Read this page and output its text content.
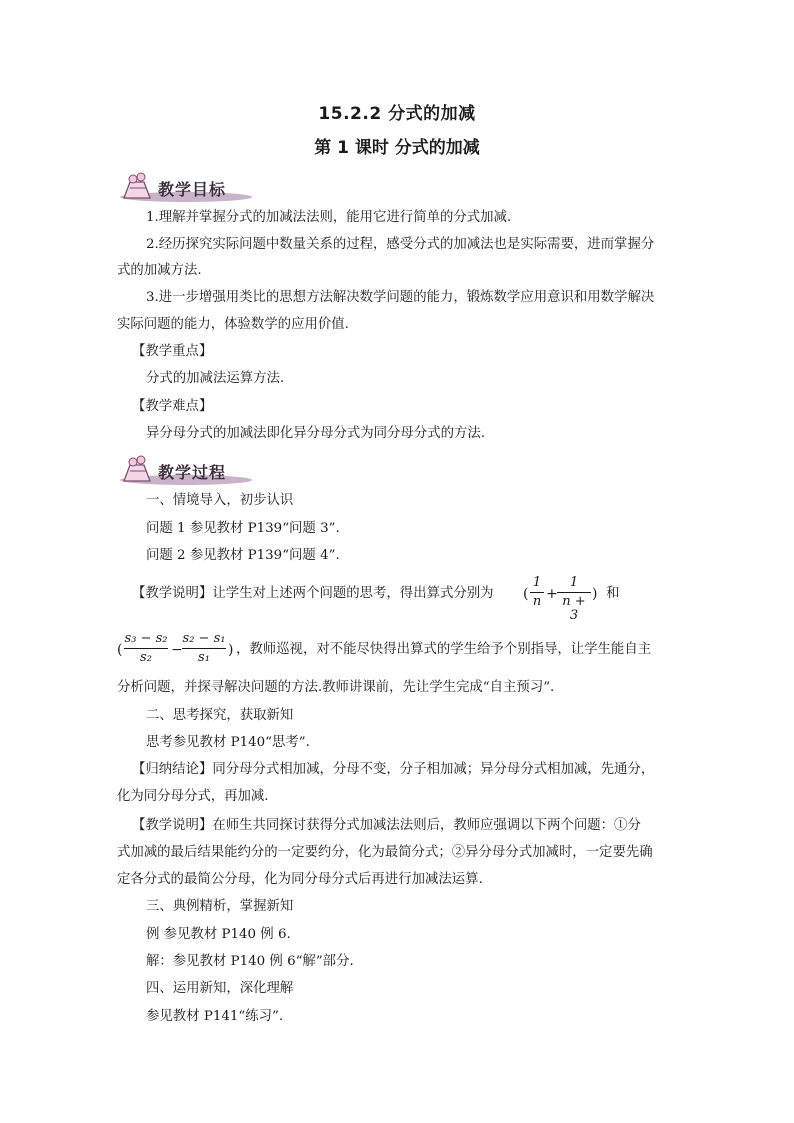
15.2.2 分式的加减
第 1 课时 分式的加减
教学目标
1.理解并掌握分式的加减法法则，能用它进行简单的分式加减.
2.经历探究实际问题中数量关系的过程，感受分式的加减法也是实际需要，进而掌握分
式的加减方法.
3.进一步增强用类比的思想方法解决数学问题的能力，锻炼数学应用意识和用数学解决
实际问题的能力，体验数学的应用价值.
【教学重点】
分式的加减法运算方法.
【教学难点】
异分母分式的加减法即化异分母分式为同分母分式的方法.
教学过程
一、情境导入，初步认识
问题 1 参见教材 P139“问题 3”.
问题 2 参见教材 P139“问题 4”.
【教学说明】让学生对上述两个问题的思考，得出算式分别为 (
1
n +
1
n + 3
) 和
(
s₃ − s₂
s₂	−
s₂ − s₁
s₁	) ，教师巡视，对不能尽快得出算式的学生给予个别指导，让学生能自主
分析问题，并探寻解决问题的方法.教师讲课前，先让学生完成“自主预习”.
二、思考探究，获取新知
思考参见教材 P140“思考”.
【归纳结论】同分母分式相加减，分母不变，分子相加减；异分母分式相加减，先通分，
化为同分母分式，再加减.
【教学说明】在师生共同探讨获得分式加减法法则后，教师应强调以下两个问题：①分
式加减的最后结果能约分的一定要约分，化为最简分式；②异分母分式加减时，一定要先确
定各分式的最简公分母，化为同分母分式后再进行加减法运算.
三、典例精析，掌握新知
例 参见教材 P140 例 6.
解：参见教材 P140 例 6“解”部分.
四、运用新知，深化理解
参见教材 P141“练习”.
